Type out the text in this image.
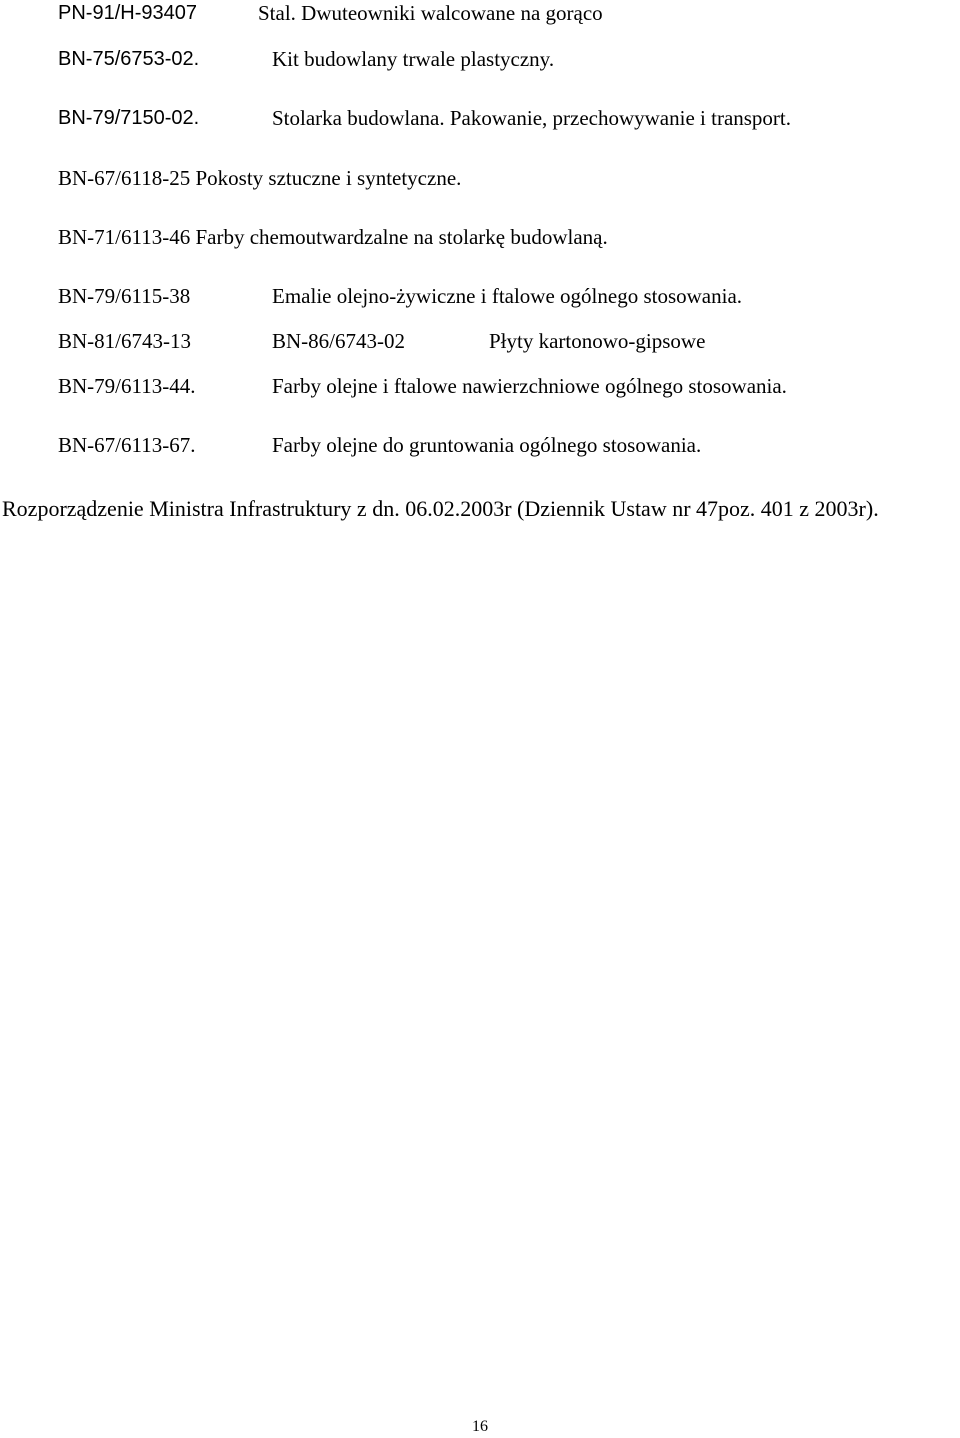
PN-91/H-93407	Stal. Dwuteowniki walcowane na gorąco
BN-75/6753-02.	Kit budowlany trwale plastyczny.
BN-79/7150-02.	Stolarka budowlana. Pakowanie, przechowywanie i transport.
BN-67/6118-25 Pokosty sztuczne i syntetyczne.
BN-71/6113-46 Farby chemoutwardzalne na stolarkę budowlaną.
BN-79/6115-38	Emalie olejno-żywiczne i ftalowe ogólnego stosowania.
BN-81/6743-13	BN-86/6743-02	Płyty kartonowo-gipsowe
BN-79/6113-44.	Farby olejne i ftalowe nawierzchniowe ogólnego stosowania.
BN-67/6113-67.	Farby olejne do gruntowania ogólnego stosowania.
Rozporządzenie Ministra Infrastruktury z dn. 06.02.2003r (Dziennik Ustaw nr 47poz. 401 z 2003r).
16
